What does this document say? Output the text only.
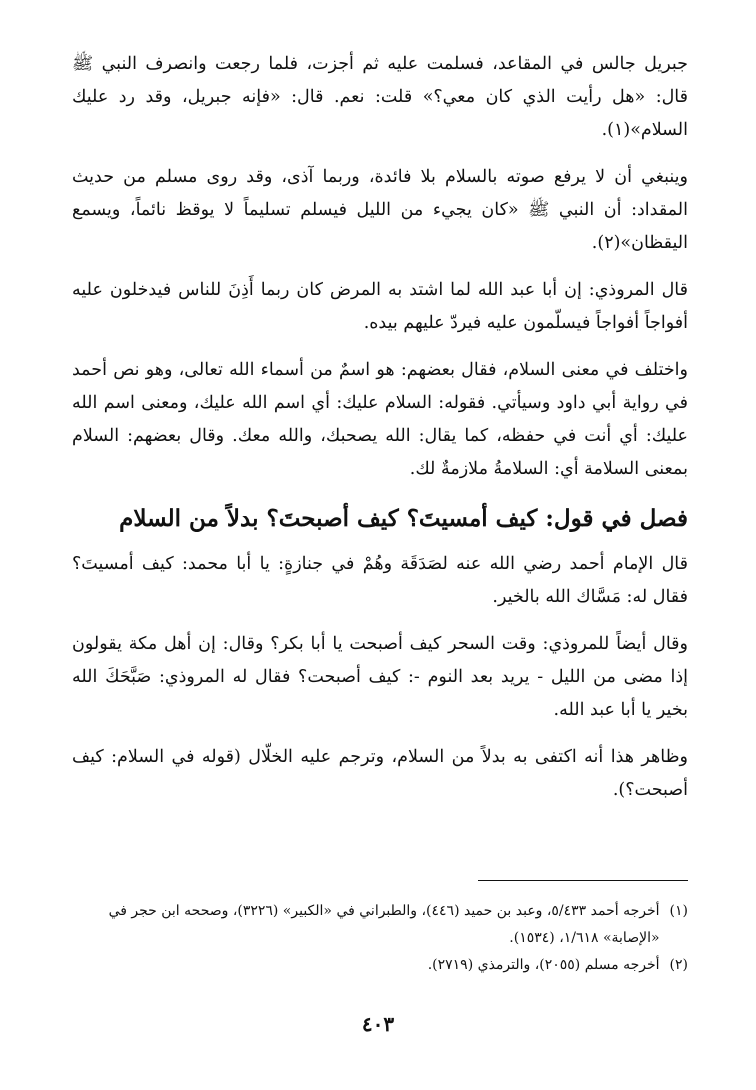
جبريل جالس في المقاعد، فسلمت عليه ثم أجزت، فلما رجعت وانصرف النبي ﷺ قال: «هل رأيت الذي كان معي؟» قلت: نعم. قال: «فإنه جبريل، وقد رد عليك السلام»(١).

وينبغي أن لا يرفع صوته بالسلام بلا فائدة، وربما آذى، وقد روى مسلم من حديث المقداد: أن النبي ﷺ «كان يجيء من الليل فيسلم تسليماً لا يوقظ نائماً، ويسمع اليقظان»(٢).

قال المروذي: إن أبا عبد الله لما اشتد به المرض كان ربما أَذِنَ للناس فيدخلون عليه أفواجاً أفواجاً فيسلّمون عليه فيردّ عليهم بيده.

واختلف في معنى السلام، فقال بعضهم: هو اسمٌ من أسماء الله تعالى، وهو نص أحمد في رواية أبي داود وسيأتي. فقوله: السلام عليك: أي اسم الله عليك، ومعنى اسم الله عليك: أي أنت في حفظه، كما يقال: الله يصحبك، والله معك. وقال بعضهم: السلام بمعنى السلامة أي: السلامةُ ملازمةٌ لك.

فصل في قول: كيف أمسيتَ؟ كيف أصبحتَ؟ بدلاً من السلام

قال الإمام أحمد رضي الله عنه لصَدَقَة وهُمْ في جنازةٍ: يا أبا محمد: كيف أمسيتَ؟ فقال له: مَسَّاك الله بالخير.

وقال أيضاً للمروذي: وقت السحر كيف أصبحت يا أبا بكر؟ وقال: إن أهل مكة يقولون إذا مضى من الليل - يريد بعد النوم -: كيف أصبحت؟ فقال له المروذي: صَبَّحَكَ الله بخير يا أبا عبد الله.

وظاهر هذا أنه اكتفى به بدلاً من السلام، وترجم عليه الخلّال (قوله في السلام: كيف أصبحت؟).

(١)
أخرجه أحمد ٥/٤٣٣، وعبد بن حميد (٤٤٦)، والطبراني في «الكبير» (٣٢٢٦)، وصححه ابن حجر في «الإصابة» ١/٦١٨، (١٥٣٤).
(٢)
أخرجه مسلم (٢٠٥٥)، والترمذي (٢٧١٩).
٤٠٣
